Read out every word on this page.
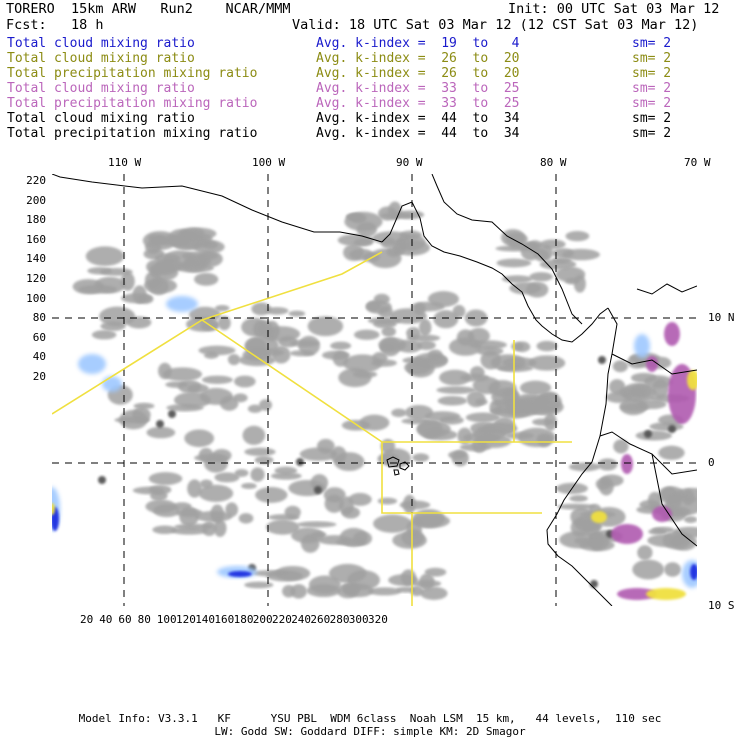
TORERO  15km ARW   Run2    NCAR/MMM	Init: 00 UTC Sat 03 Mar 12
Fcst:   18 h	Valid: 18 UTC Sat 03 Mar 12 (12 CST Sat 03 Mar 12)
Total cloud mixing ratio	Avg. k-index =  19  to   4	sm= 2
Total cloud mixing ratio	Avg. k-index =  26  to  20	sm= 2
Total precipitation mixing ratio	Avg. k-index =  26  to  20	sm= 2
Total cloud mixing ratio	Avg. k-index =  33  to  25	sm= 2
Total precipitation mixing ratio	Avg. k-index =  33  to  25	sm= 2
Total cloud mixing ratio	Avg. k-index =  44  to  34	sm= 2
Total precipitation mixing ratio	Avg. k-index =  44  to  34	sm= 2
20 40 60 80 100 120 140 160 180 200 220 240 260 280 300 320
220
200
180
160
140
120
100
80
60
40
20
110 W	100 W	90 W	80 W	70 W
10 N
0
10 S
Model Info: V3.3.1   KF      YSU PBL  WDM 6class  Noah LSM  15 km,   44 levels,  110 sec
LW: Godd SW: Goddard DIFF: simple KM: 2D Smagor
